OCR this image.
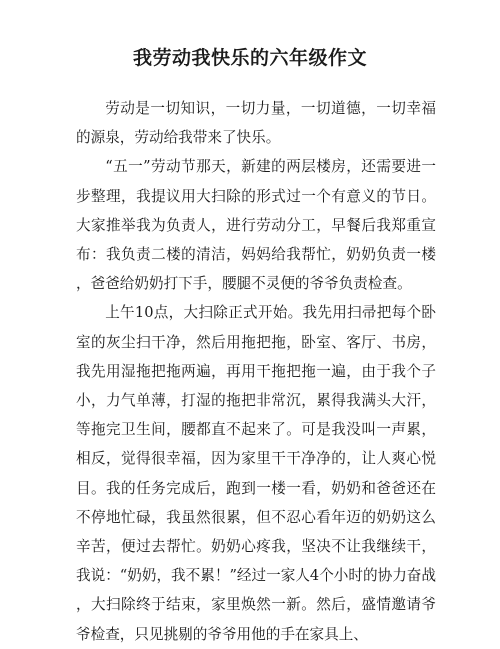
我劳动我快乐的六年级作文

劳动是一切知识，一切力量，一切道德，一切幸福的源泉，劳动给我带来了快乐。

“五一”劳动节那天，新建的两层楼房，还需要进一步整理，我提议用大扫除的形式过一个有意义的节日。大家推举我为负责人，进行劳动分工，早餐后我郑重宣布：我负责二楼的清洁，妈妈给我帮忙，奶奶负责一楼，爸爸给奶奶打下手，腰腿不灵便的爷爷负责检查。

上午10点，大扫除正式开始。我先用扫帚把每个卧室的灰尘扫干净，然后用拖把拖，卧室、客厅、书房，我先用湿拖把拖两遍，再用干拖把拖一遍，由于我个子小，力气单薄，打湿的拖把非常沉，累得我满头大汗，等拖完卫生间，腰都直不起来了。可是我没叫一声累，相反，觉得很幸福，因为家里干干净净的，让人爽心悦目。我的任务完成后，跑到一楼一看，奶奶和爸爸还在不停地忙碌，我虽然很累，但不忍心看年迈的奶奶这么辛苦，便过去帮忙。奶奶心疼我，坚决不让我继续干，我说：“奶奶，我不累！”经过一家人4个小时的协力奋战，大扫除终于结束，家里焕然一新。然后，盛情邀请爷爷检查，只见挑剔的爷爷用他的手在家具上、
